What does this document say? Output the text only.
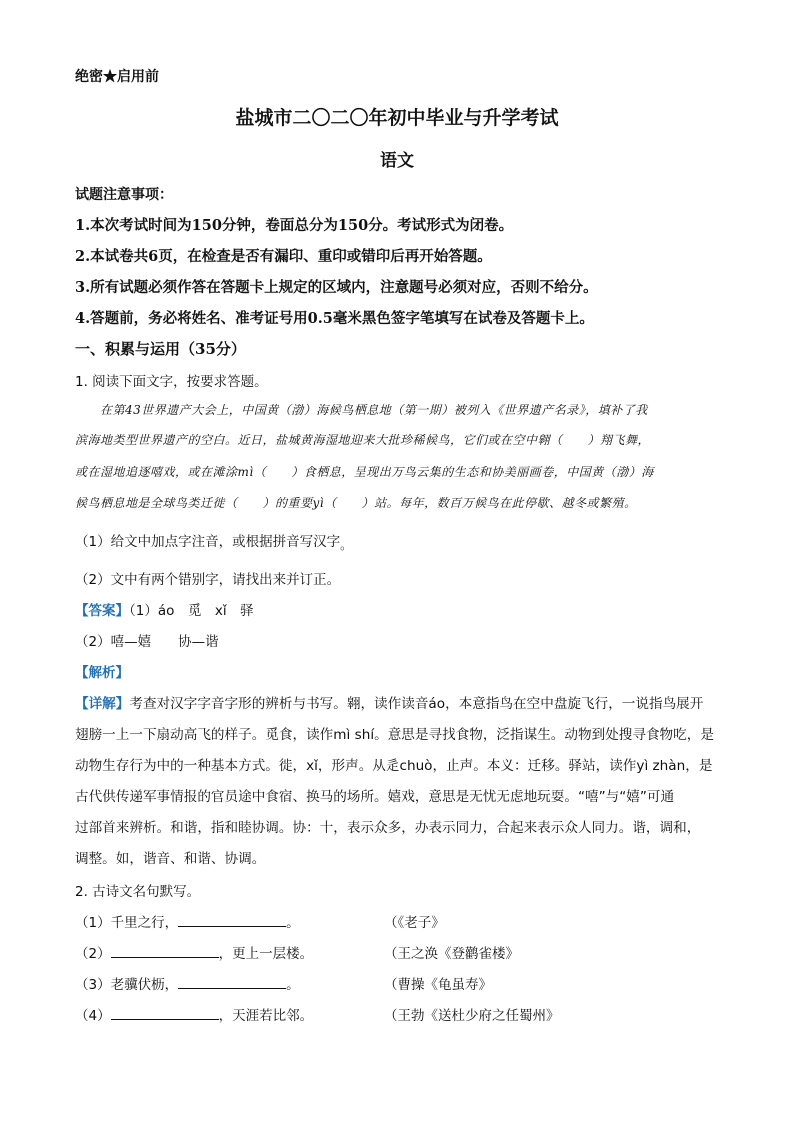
绝密★启用前
盐城市二〇二〇年初中毕业与升学考试
语文
试题注意事项：
1.本次考试时间为150分钟，卷面总分为150分。考试形式为闭卷。
2.本试卷共6页，在检查是否有漏印、重印或错印后再开始答题。
3.所有试题必须作答在答题卡上规定的区域内，注意题号必须对应，否则不给分。
4.答题前，务必将姓名、准考证号用0.5毫米黑色签字笔填写在试卷及答题卡上。
一、积累与运用（35分）
1. 阅读下面文字，按要求答题。
　　在第43世界遗产大会上，中国黄（渤）海候鸟栖息地（第一期）被列入《世界遗产名录》，填补了我
滨海地类型世界遗产的空白。近日，盐城黄海湿地迎来大批珍稀候鸟，它们或在空中翱（　　）翔飞舞，
或在湿地追逐嘻戏，或在滩涂mì（　　）食栖息，呈现出万鸟云集的生态和协美丽画卷，中国黄（渤）海
候鸟栖息地是全球鸟类迁徙（　　）的重要yì（　　）站。每年，数百万候鸟在此停歇、越冬或繁殖。
（1）给文中加点字注音，或根据拼音写汉字。
（2）文中有两个错别字，请找出来并订正。
【答案】（1）áo　觅　xǐ　驿
（2）嘻—嬉　　协—谐
【解析】
【详解】考查对汉字字音字形的辨析与书写。翱，读作读音áo，本意指鸟在空中盘旋飞行，一说指鸟展开
翅膀一上一下扇动高飞的样子。觅食，读作mì shí。意思是寻找食物，泛指谋生。动物到处搜寻食物吃，是
动物生存行为中的一种基本方式。徙，xǐ，形声。从辵chuò，止声。本义：迁移。驿站，读作yì zhàn，是
古代供传递军事情报的官员途中食宿、换马的场所。嬉戏，意思是无忧无虑地玩耍。“嘻”与“嬉”可通
过部首来辨析。和谐，指和睦协调。协：十，表示众多，办表示同力，合起来表示众人同力。谐，调和，
调整。如，谐音、和谐、协调。
2. 古诗文名句默写。
（1）千里之行，	。	（《老子》
（2）	，更上一层楼。	（王之涣《登鹳雀楼》
（3）老骥伏枥，	。	（曹操《龟虽寿》
（4）	，天涯若比邻。	（王勃《送杜少府之任蜀州》
